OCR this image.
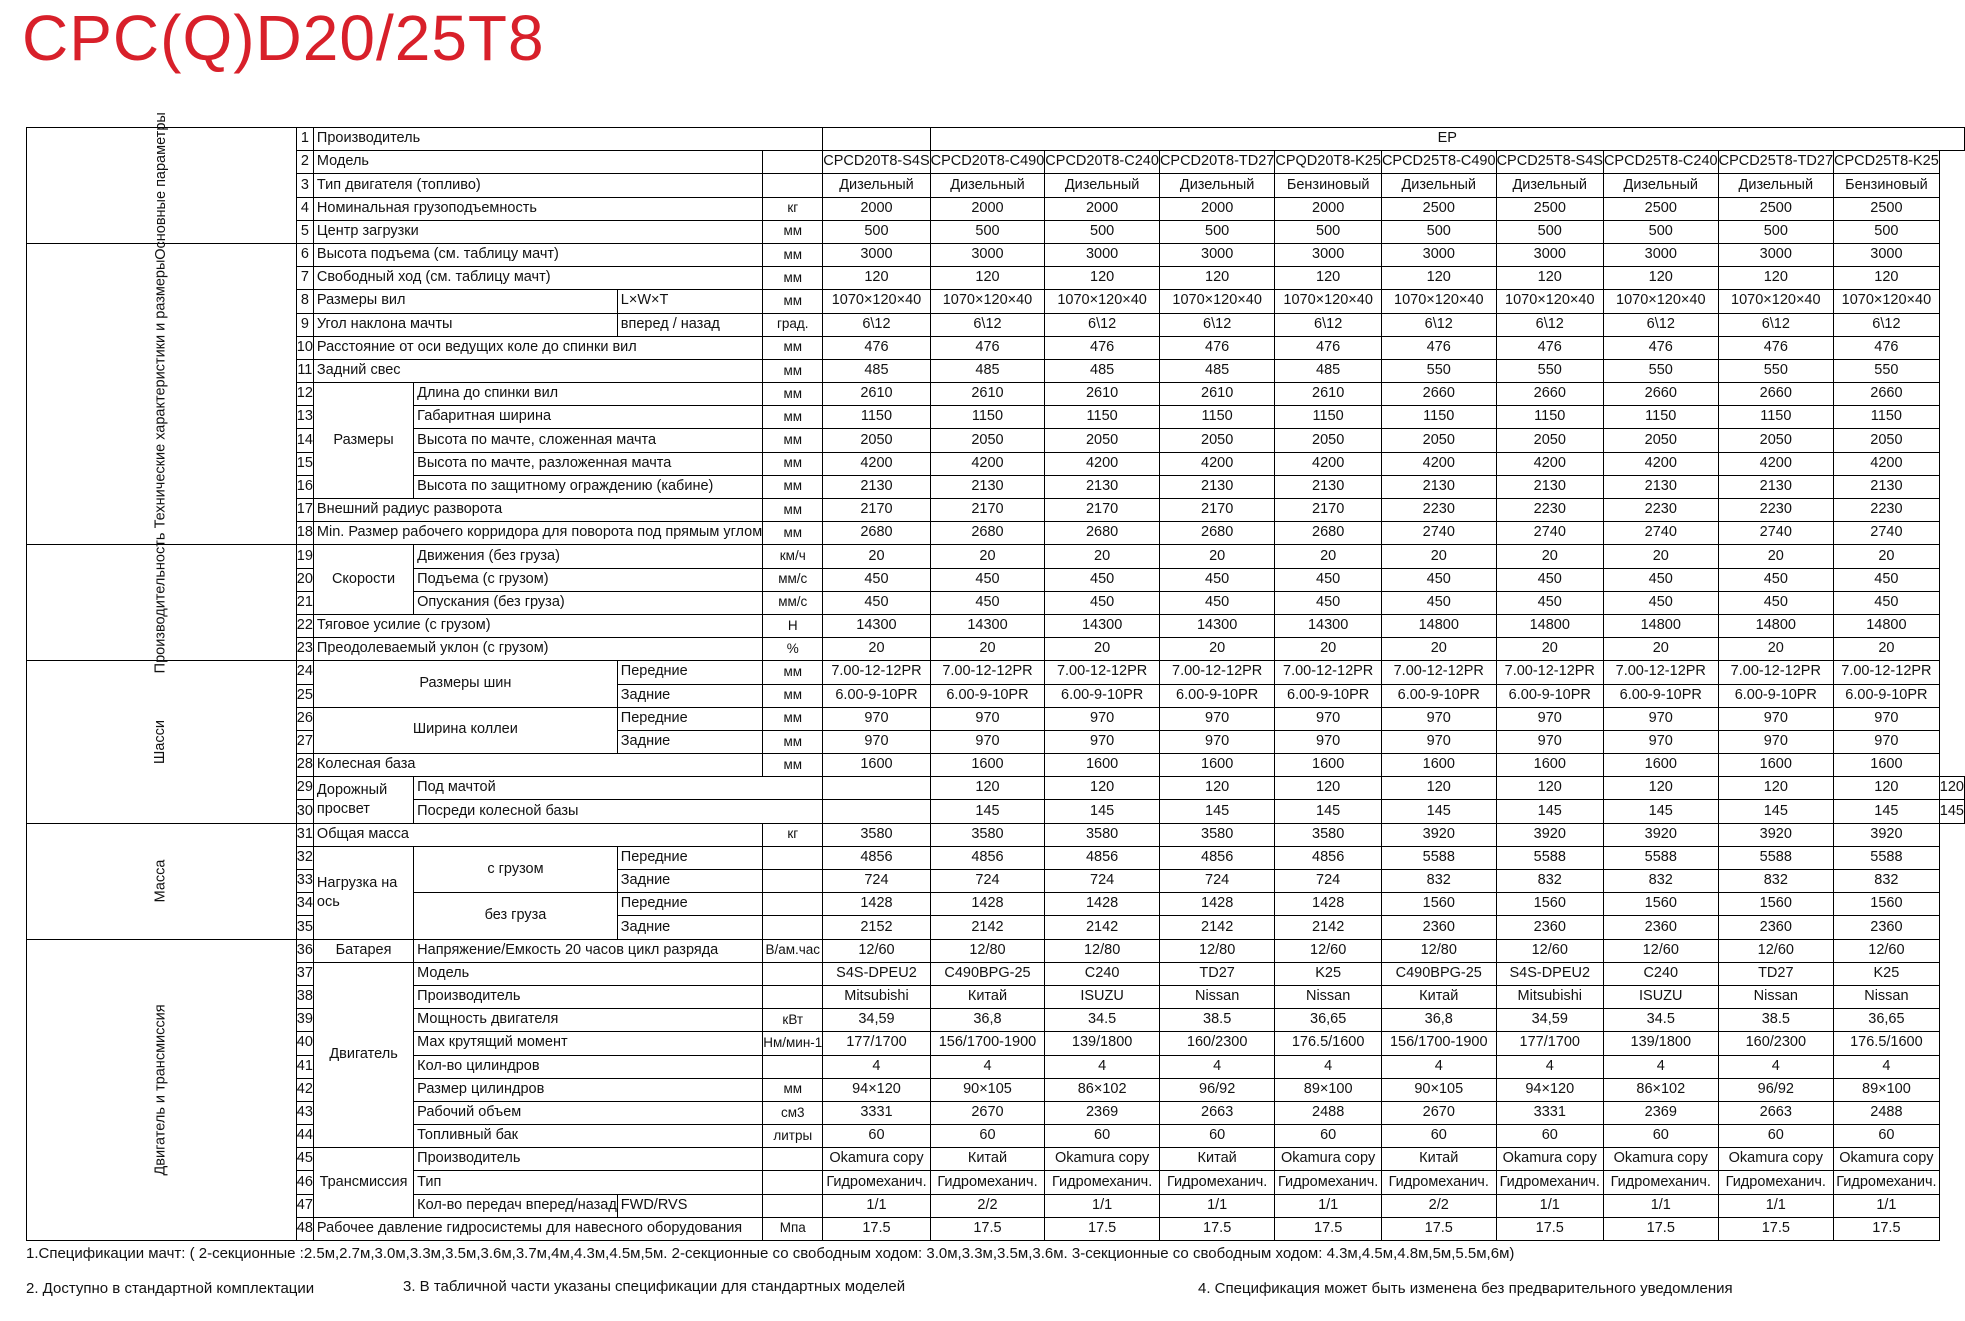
CPC(Q)D20/25T8
Основные параметры	1	Производитель					EP									
	2	Модель				CPCD20T8-S4S	CPCD20T8-C490	CPCD20T8-C240	CPCD20T8-TD27	CPQD20T8-K25	CPCD25T8-C490	CPCD25T8-S4S	CPCD25T8-C240	CPCD25T8-TD27	CPCD25T8-K25	
	3	Тип двигателя (топливо)				Дизельный	Дизельный	Дизельный	Дизельный	Бензиновый	Дизельный	Дизельный	Дизельный	Дизельный	Бензиновый	
	4	Номинальная грузоподъемность			кг	2000	2000	2000	2000	2000	2500	2500	2500	2500	2500	
	5	Центр загрузки			мм	500	500	500	500	500	500	500	500	500	500	
Технические характеристики и размеры	6	Высота подъема (см. таблицу мачт)			мм	3000	3000	3000	3000	3000	3000	3000	3000	3000	3000	
	7	Свободный ход (см. таблицу мачт)			мм	120	120	120	120	120	120	120	120	120	120	
	8	Размеры вил		L×W×T	мм	1070×120×40	1070×120×40	1070×120×40	1070×120×40	1070×120×40	1070×120×40	1070×120×40	1070×120×40	1070×120×40	1070×120×40	
	9	Угол наклона мачты		вперед / назад	град.	6\12	6\12	6\12	6\12	6\12	6\12	6\12	6\12	6\12	6\12	
	10	Расстояние от оси ведущих коле до спинки вил			мм	476	476	476	476	476	476	476	476	476	476	
	11	Задний свес			мм	485	485	485	485	485	550	550	550	550	550	
	12	Размеры	Длина до спинки вил		мм	2610	2610	2610	2610	2610	2660	2660	2660	2660	2660	
	13		Габаритная ширина		мм	1150	1150	1150	1150	1150	1150	1150	1150	1150	1150	
	14		Высота по мачте, сложенная мачта		мм	2050	2050	2050	2050	2050	2050	2050	2050	2050	2050	
	15		Высота по мачте, разложенная мачта		мм	4200	4200	4200	4200	4200	4200	4200	4200	4200	4200	
	16		Высота по защитному ограждению (кабине)		мм	2130	2130	2130	2130	2130	2130	2130	2130	2130	2130	
	17	Внешний радиус разворота			мм	2170	2170	2170	2170	2170	2230	2230	2230	2230	2230	
	18	Min. Размер рабочего корридора для поворота под прямым углом			мм	2680	2680	2680	2680	2680	2740	2740	2740	2740	2740	
Производительность	19	Скорости	Движения (без груза)		км/ч	20	20	20	20	20	20	20	20	20	20	
	20		Подъема (с грузом)		мм/с	450	450	450	450	450	450	450	450	450	450	
	21		Опускания (без груза)		мм/с	450	450	450	450	450	450	450	450	450	450	
	22	Тяговое усилие (с грузом)			Н	14300	14300	14300	14300	14300	14800	14800	14800	14800	14800	
	23	Преодолеваемый уклон (с грузом)			%	20	20	20	20	20	20	20	20	20	20	
Шасси	24	Размеры шин		Передние	мм	7.00-12-12PR	7.00-12-12PR	7.00-12-12PR	7.00-12-12PR	7.00-12-12PR	7.00-12-12PR	7.00-12-12PR	7.00-12-12PR	7.00-12-12PR	7.00-12-12PR	
	25			Задние	мм	6.00-9-10PR	6.00-9-10PR	6.00-9-10PR	6.00-9-10PR	6.00-9-10PR	6.00-9-10PR	6.00-9-10PR	6.00-9-10PR	6.00-9-10PR	6.00-9-10PR	
	26	Ширина коллеи		Передние	мм	970	970	970	970	970	970	970	970	970	970	
	27			Задние	мм	970	970	970	970	970	970	970	970	970	970	
	28	Колесная база			мм	1600	1600	1600	1600	1600	1600	1600	1600	1600	1600	
	29	Дорожный просвет	Под мачтой				120	120	120	120	120	120	120	120	120	120
	30		Посреди колесной базы				145	145	145	145	145	145	145	145	145	145
Масса	31	Общая масса			кг	3580	3580	3580	3580	3580	3920	3920	3920	3920	3920	
	32	Нагрузка на ось	с грузом	Передние		4856	4856	4856	4856	4856	5588	5588	5588	5588	5588	
	33			Задние		724	724	724	724	724	832	832	832	832	832	
	34		без груза	Передние		1428	1428	1428	1428	1428	1560	1560	1560	1560	1560	
	35			Задние		2152	2142	2142	2142	2142	2360	2360	2360	2360	2360	
Двигатель и трансмиссия	36	Батарея	Напряжение/Емкость 20 часов цикл разряда		В/ам.час	12/60	12/80	12/80	12/80	12/60	12/80	12/60	12/60	12/60	12/60	
	37	Двигатель	Модель			S4S-DPEU2	C490BPG-25	C240	TD27	K25	C490BPG-25	S4S-DPEU2	C240	TD27	K25	
	38		Производитель			Mitsubishi	Китай	ISUZU	Nissan	Nissan	Китай	Mitsubishi	ISUZU	Nissan	Nissan	
	39		Мощность двигателя		кВт	34,59	36,8	34.5	38.5	36,65	36,8	34,59	34.5	38.5	36,65	
	40		Мах крутящий момент		Нм/мин-1	177/1700	156/1700-1900	139/1800	160/2300	176.5/1600	156/1700-1900	177/1700	139/1800	160/2300	176.5/1600	
	41		Кол-во цилиндров			4	4	4	4	4	4	4	4	4	4	
	42		Размер цилиндров		мм	94×120	90×105	86×102	96/92	89×100	90×105	94×120	86×102	96/92	89×100	
	43		Рабочий объем		см3	3331	2670	2369	2663	2488	2670	3331	2369	2663	2488	
	44		Топливный бак		литры	60	60	60	60	60	60	60	60	60	60	
	45	Трансмиссия	Производитель			Okamura copy	Китай	Okamura copy	Китай	Okamura copy	Китай	Okamura copy	Okamura copy	Okamura copy	Okamura copy	
	46		Тип			Гидромеханич.	Гидромеханич.	Гидромеханич.	Гидромеханич.	Гидромеханич.	Гидромеханич.	Гидромеханич.	Гидромеханич.	Гидромеханич.	Гидромеханич.	
	47		Кол-во передач вперед/назад	FWD/RVS		1/1	2/2	1/1	1/1	1/1	2/2	1/1	1/1	1/1	1/1	
	48	Рабочее давление гидросистемы для навесного оборудования			Мпа	17.5	17.5	17.5	17.5	17.5	17.5	17.5	17.5	17.5	17.5	
1.Спецификации мачт: ( 2-секционные :2.5м,2.7м,3.0м,3.3м,3.5м,3.6м,3.7м,4м,4.3м,4.5м,5м. 2-секционные со свободным ходом: 3.0м,3.3м,3.5м,3.6м. 3-секционные со свободным ходом: 4.3м,4.5м,4.8м,5м,5.5м,6м)
2. Доступно в стандартной комплектации	3. В табличной части указаны спецификации для стандартных моделей	4. Спецификация может быть изменена без предварительного уведомления
